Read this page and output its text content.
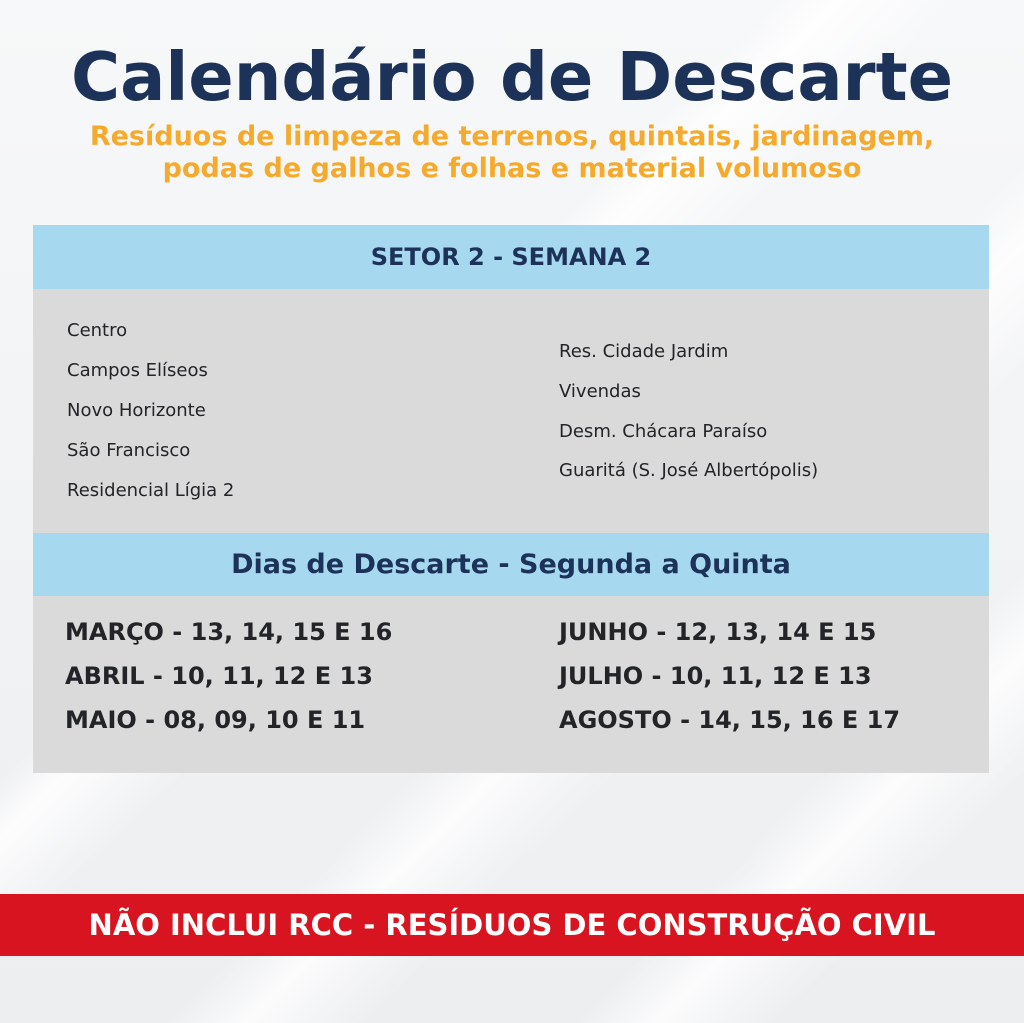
Calendário de Descarte

Resíduos de limpeza de terrenos, quintais, jardinagem,

podas de galhos e folhas e material volumoso

SETOR 2 - SEMANA 2
Centro
Campos Elíseos
Novo Horizonte
São Francisco
Residencial Lígia 2
Res. Cidade Jardim
Vivendas
Desm. Chácara Paraíso
Guaritá (S. José Albertópolis)
Dias de Descarte - Segunda a Quinta
MARÇO - 13, 14, 15 E 16
ABRIL - 10, 11, 12 E 13
MAIO - 08, 09, 10 E 11
JUNHO - 12, 13, 14 E 15
JULHO - 10, 11, 12 E 13
AGOSTO - 14, 15, 16 E 17
NÃO INCLUI RCC - RESÍDUOS DE CONSTRUÇÃO CIVIL
